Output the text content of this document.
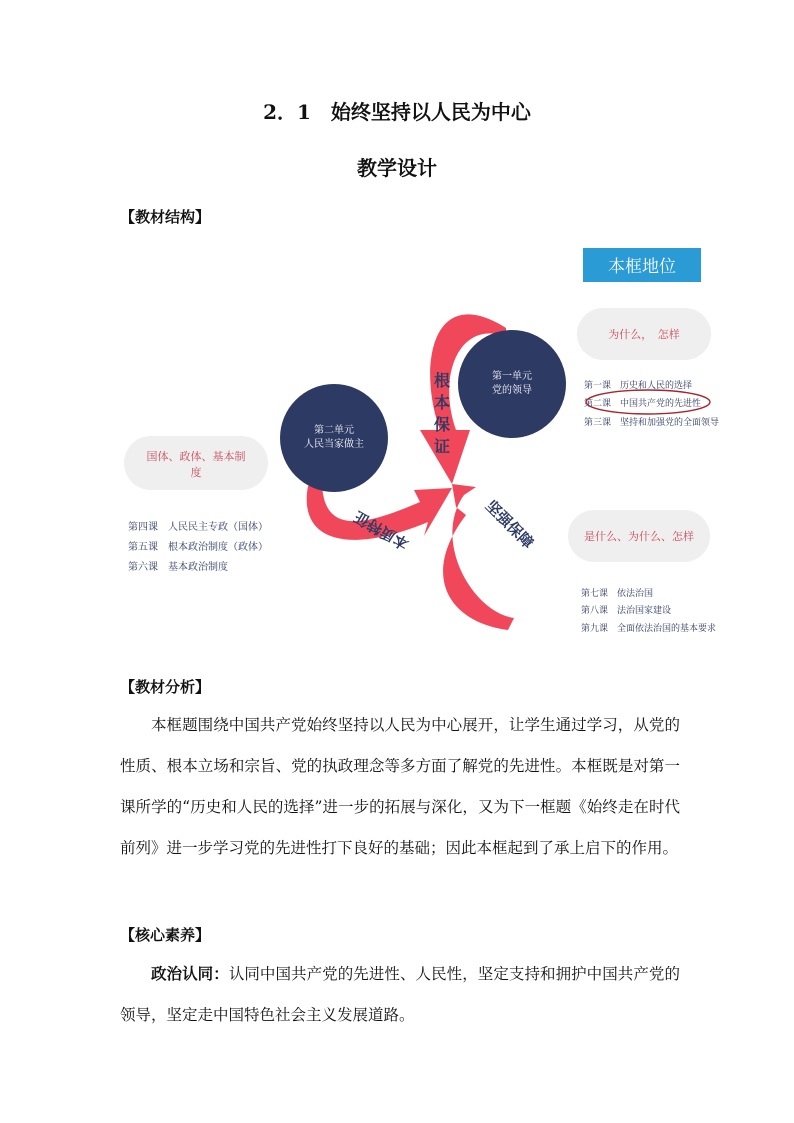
2．1　始终坚持以人民为中心
教学设计
【教材结构】
第一单元
党的领导
第二单元
人民当家做主
根本保证
本质特征	坚强保障
本框地位
为什么，　怎样
国体、政体、基本制
度
是什么、为什么、怎样
第一课　历史和人民的选择
第二课　中国共产党的先进性
第三课　坚持和加强党的全面领导
第四课　人民民主专政（国体）
第五课　根本政治制度（政体）
第六课　基本政治制度
第七课　依法治国
第八课　法治国家建设
第九课　全面依法治国的基本要求
【教材分析】
本框题围绕中国共产党始终坚持以人民为中心展开，让学生通过学习，从党的性质、根本立场和宗旨、党的执政理念等多方面了解党的先进性。本框既是对第一课所学的“历史和人民的选择”进一步的拓展与深化，又为下一框题《始终走在时代前列》进一步学习党的先进性打下良好的基础；因此本框起到了承上启下的作用。
【核心素养】
政治认同：认同中国共产党的先进性、人民性，坚定支持和拥护中国共产党的领导，坚定走中国特色社会主义发展道路。
